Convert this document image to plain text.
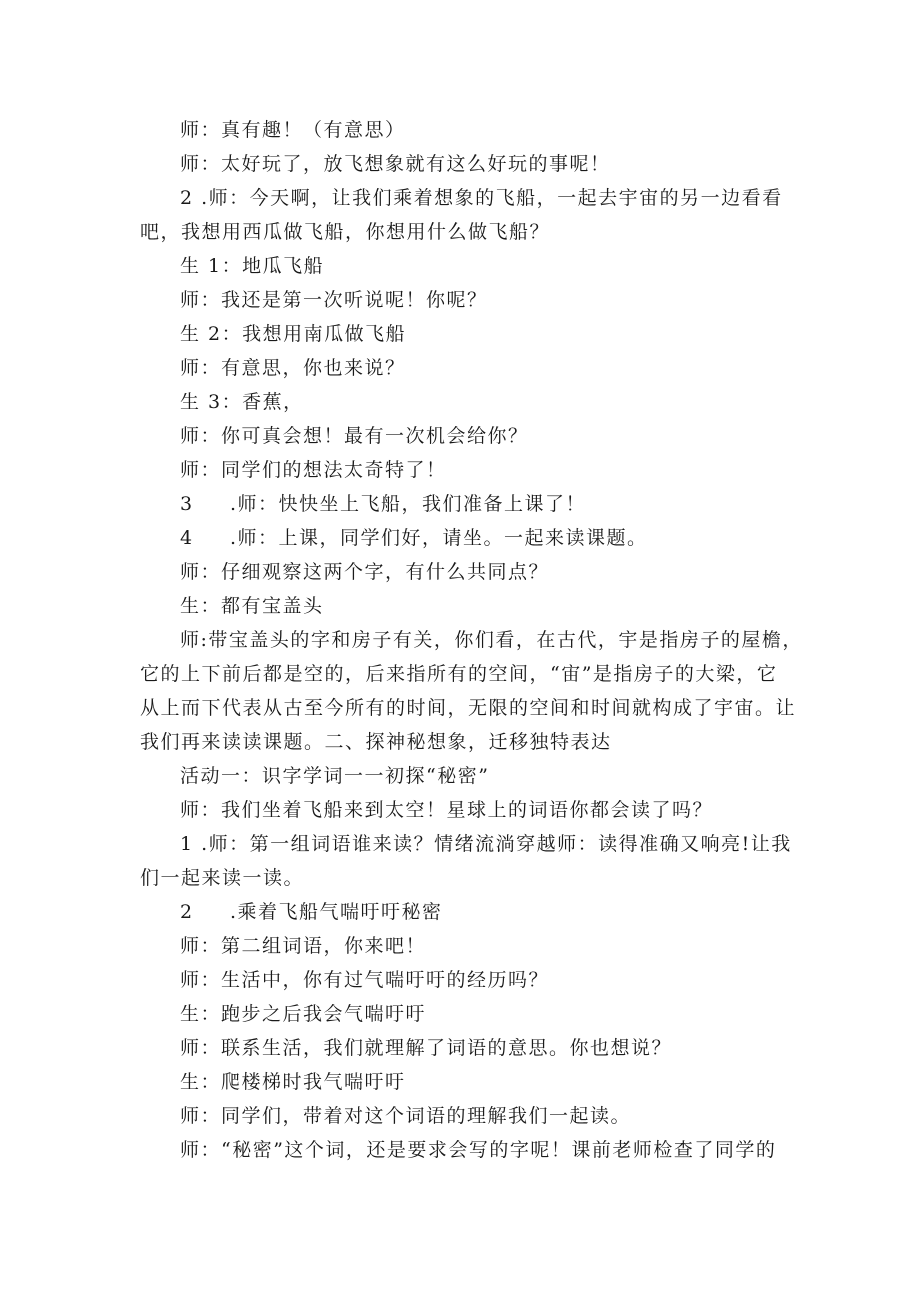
师：真有趣！（有意思）
师：太好玩了，放飞想象就有这么好玩的事呢！
2 .师：今天啊，让我们乘着想象的飞船，一起去宇宙的另一边看看
吧，我想用西瓜做飞船，你想用什么做飞船？
生 1：地瓜飞船
师：我还是第一次听说呢！你呢？
生 2：我想用南瓜做飞船
师：有意思，你也来说？
生 3：香蕉，
师：你可真会想！最有一次机会给你？
师：同学们的想法太奇特了！
3 .师：快快坐上飞船，我们准备上课了！
4 .师：上课，同学们好，请坐。一起来读课题。
师：仔细观察这两个字，有什么共同点？
生：都有宝盖头
师:带宝盖头的字和房子有关，你们看，在古代，宇是指房子的屋檐，
它的上下前后都是空的，后来指所有的空间，“宙”是指房子的大梁，它
从上而下代表从古至今所有的时间，无限的空间和时间就构成了宇宙。让
我们再来读读课题。二、探神秘想象，迁移独特表达
活动一：识字学词一一初探“秘密”
师：我们坐着飞船来到太空！星球上的词语你都会读了吗？
1 .师：第一组词语谁来读？情绪流淌穿越师：读得准确又响亮!让我
们一起来读一读。
2 .乘着飞船气喘吁吁秘密
师：第二组词语，你来吧！
师：生活中，你有过气喘吁吁的经历吗？
生：跑步之后我会气喘吁吁
师：联系生活，我们就理解了词语的意思。你也想说？
生：爬楼梯时我气喘吁吁
师：同学们，带着对这个词语的理解我们一起读。
师：“秘密”这个词，还是要求会写的字呢！课前老师检查了同学的
